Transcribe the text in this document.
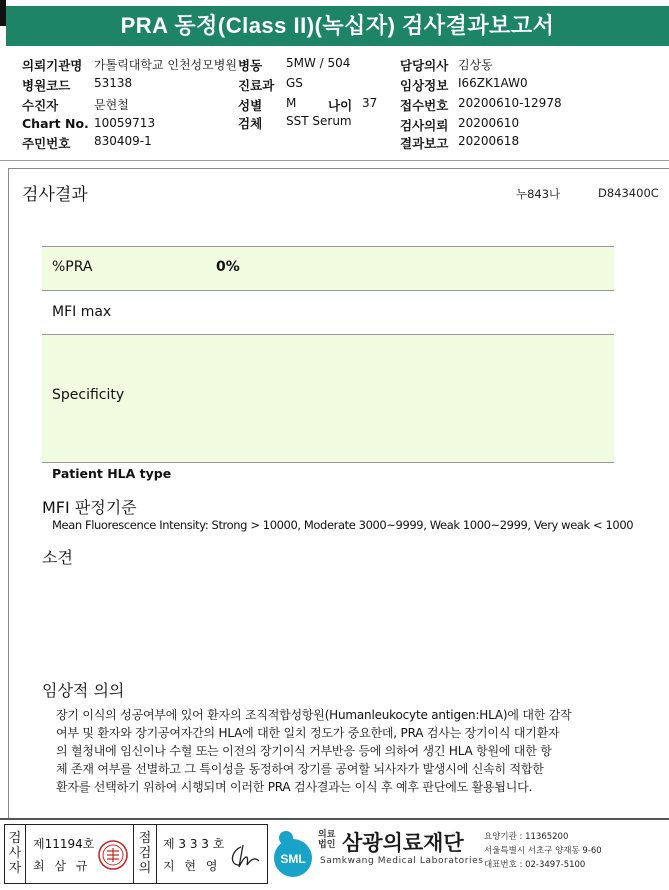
PRA 동정(Class II)(녹십자) 검사결과보고서
의뢰기관명 가톨릭대학교 인천성모병원
병원코드 53138
수진자	문현철
Chart No. 10059713
주민번호 830409-1
병동 5MW / 504
진료과 GS
성별 M	나이 37
검체 SST Serum
담당의사 김상동
임상정보 I66ZK1AW0
접수번호 20200610-12978
검사의뢰 20200610
결과보고 20200618
검사결과	누843나	D843400C
%PRA	0%
MFI max
Specificity
Patient HLA type
MFI 판정기준
Mean Fluorescence Intensity: Strong > 10000, Moderate 3000~9999, Weak 1000~2999, Very weak < 1000
소견
임상적 의의
장기 이식의 성공여부에 있어 환자의 조직적합성항원(Humanleukocyte antigen:HLA)에 대한 감작
여부 및 환자와 장기공여자간의 HLA에 대한 일치 정도가 중요한데, PRA 검사는 장기이식 대기환자
의 혈청내에 임신이나 수혈 또는 이전의 장기이식 거부반응 등에 의하여 생긴 HLA 항원에 대한 항
체 존재 여부를 선별하고 그 특이성을 동정하여 장기를 공여할 뇌사자가 발생시에 신속히 적합한
환자를 선택하기 위하여 시행되며 이러한 PRA 검사결과는 이식 후 예후 판단에도 활용됩니다.
검사자
제11194호
최 삼 규
점검의
제 3 3 3 호
지 현 영	SML
의료
법인 삼광의료재단
Samkwang Medical Laboratories
요양기관 : 11365200
서울특별시 서초구 양재동 9-60
대표번호 : 02-3497-5100
